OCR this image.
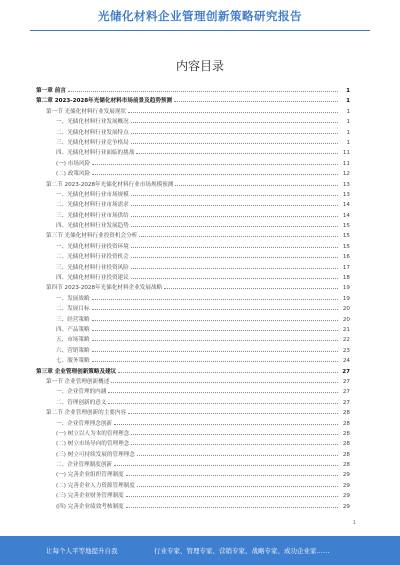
光储化材料企业管理创新策略研究报告
内容目录
第一章 前言	1
第二章 2023-2028年光储化材料市场前景及趋势预测	1
第一节 光储化材料行业发展现状	1
一、光储化材料行业发展概况	1
二、光储化材料行业发展特点	1
三、光储化材料行业竞争格局	1
四、光储化材料行业面临的挑战	11
(一) 市场风险	11
(二) 政策风险	12
第二节 2023-2028年光储化材料行业市场规模预测	13
一、光储化材料行业市场规模	13
二、光储化材料行业市场需求	14
三、光储化材料行业市场供给	14
四、光储化材料行业发展趋势	15
第三节 光储化材料行业投资机会分析	15
一、光储化材料行业投资环境	15
二、光储化材料行业投资机会	16
三、光储化材料行业投资风险	17
四、光储化材料行业投资建议	18
第四节 2023-2028年光储化材料企业发展战略	19
一、发展战略	19
二、发展目标	20
三、经营策略	20
四、产品策略	21
五、市场策略	22
六、营销策略	23
七、服务策略	24
第三章 企业管理创新策略及建议	27
第一节 企业管理创新概述	27
一、企业管理的内涵	27
二、管理创新的意义	27
第二节 企业管理创新的主要内容	28
一、企业管理理念创新	28
(一) 树立以人为本的管理理念	28
(二) 树立市场导向的管理理念	28
(三) 树立可持续发展的管理理念	28
二、企业管理制度创新	28
(一) 完善企业组织管理制度	29
(二) 完善企业人力资源管理制度	29
(三) 完善企业财务管理制度	29
(四) 完善企业绩效考核制度	29
1
让每个人平等地提升自我	行业专家、管理专家、营销专家、战略专家、成功企业家……
